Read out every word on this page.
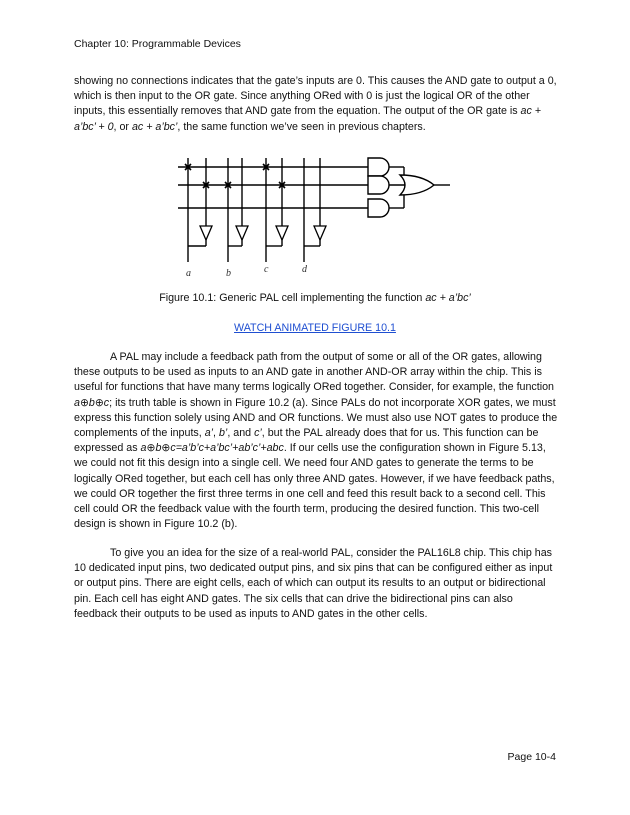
Chapter 10: Programmable Devices

showing no connections indicates that the gate’s inputs are 0. This causes the AND gate to output a 0, which is then input to the OR gate. Since anything ORed with 0 is just the logical OR of the other inputs, this essentially removes that AND gate from the equation. The output of the OR gate is ac + a’bc’ + 0, or ac + a’bc’, the same function we’ve seen in previous chapters.

a	b	c	d
Figure 10.1: Generic PAL cell implementing the function ac + a’bc’
WATCH ANIMATED FIGURE 10.1

A PAL may include a feedback path from the output of some or all of the OR gates, allowing these outputs to be used as inputs to an AND gate in another AND-OR array within the chip. This is useful for functions that have many terms logically ORed together. Consider, for example, the function a⊕b⊕c; its truth table is shown in Figure 10.2 (a). Since PALs do not incorporate XOR gates, we must express this function solely using AND and OR functions. We must also use NOT gates to produce the complements of the inputs, a’, b’, and c’, but the PAL already does that for us. This function can be expressed as a⊕b⊕c=a’b’c+a’bc’+ab’c’+abc. If our cells use the configuration shown in Figure 5.13, we could not fit this design into a single cell. We need four AND gates to generate the terms to be logically ORed together, but each cell has only three AND gates. However, if we have feedback paths, we could OR together the first three terms in one cell and feed this result back to a second cell. This cell could OR the feedback value with the fourth term, producing the desired function. This two-cell design is shown in Figure 10.2 (b).

To give you an idea for the size of a real-world PAL, consider the PAL16L8 chip. This chip has 10 dedicated input pins, two dedicated output pins, and six pins that can be configured either as input or output pins. There are eight cells, each of which can output its results to an output or bidirectional pin. Each cell has eight AND gates. The six cells that can drive the bidirectional pins can also feedback their outputs to be used as inputs to AND gates in the other cells.

Page 10-4
